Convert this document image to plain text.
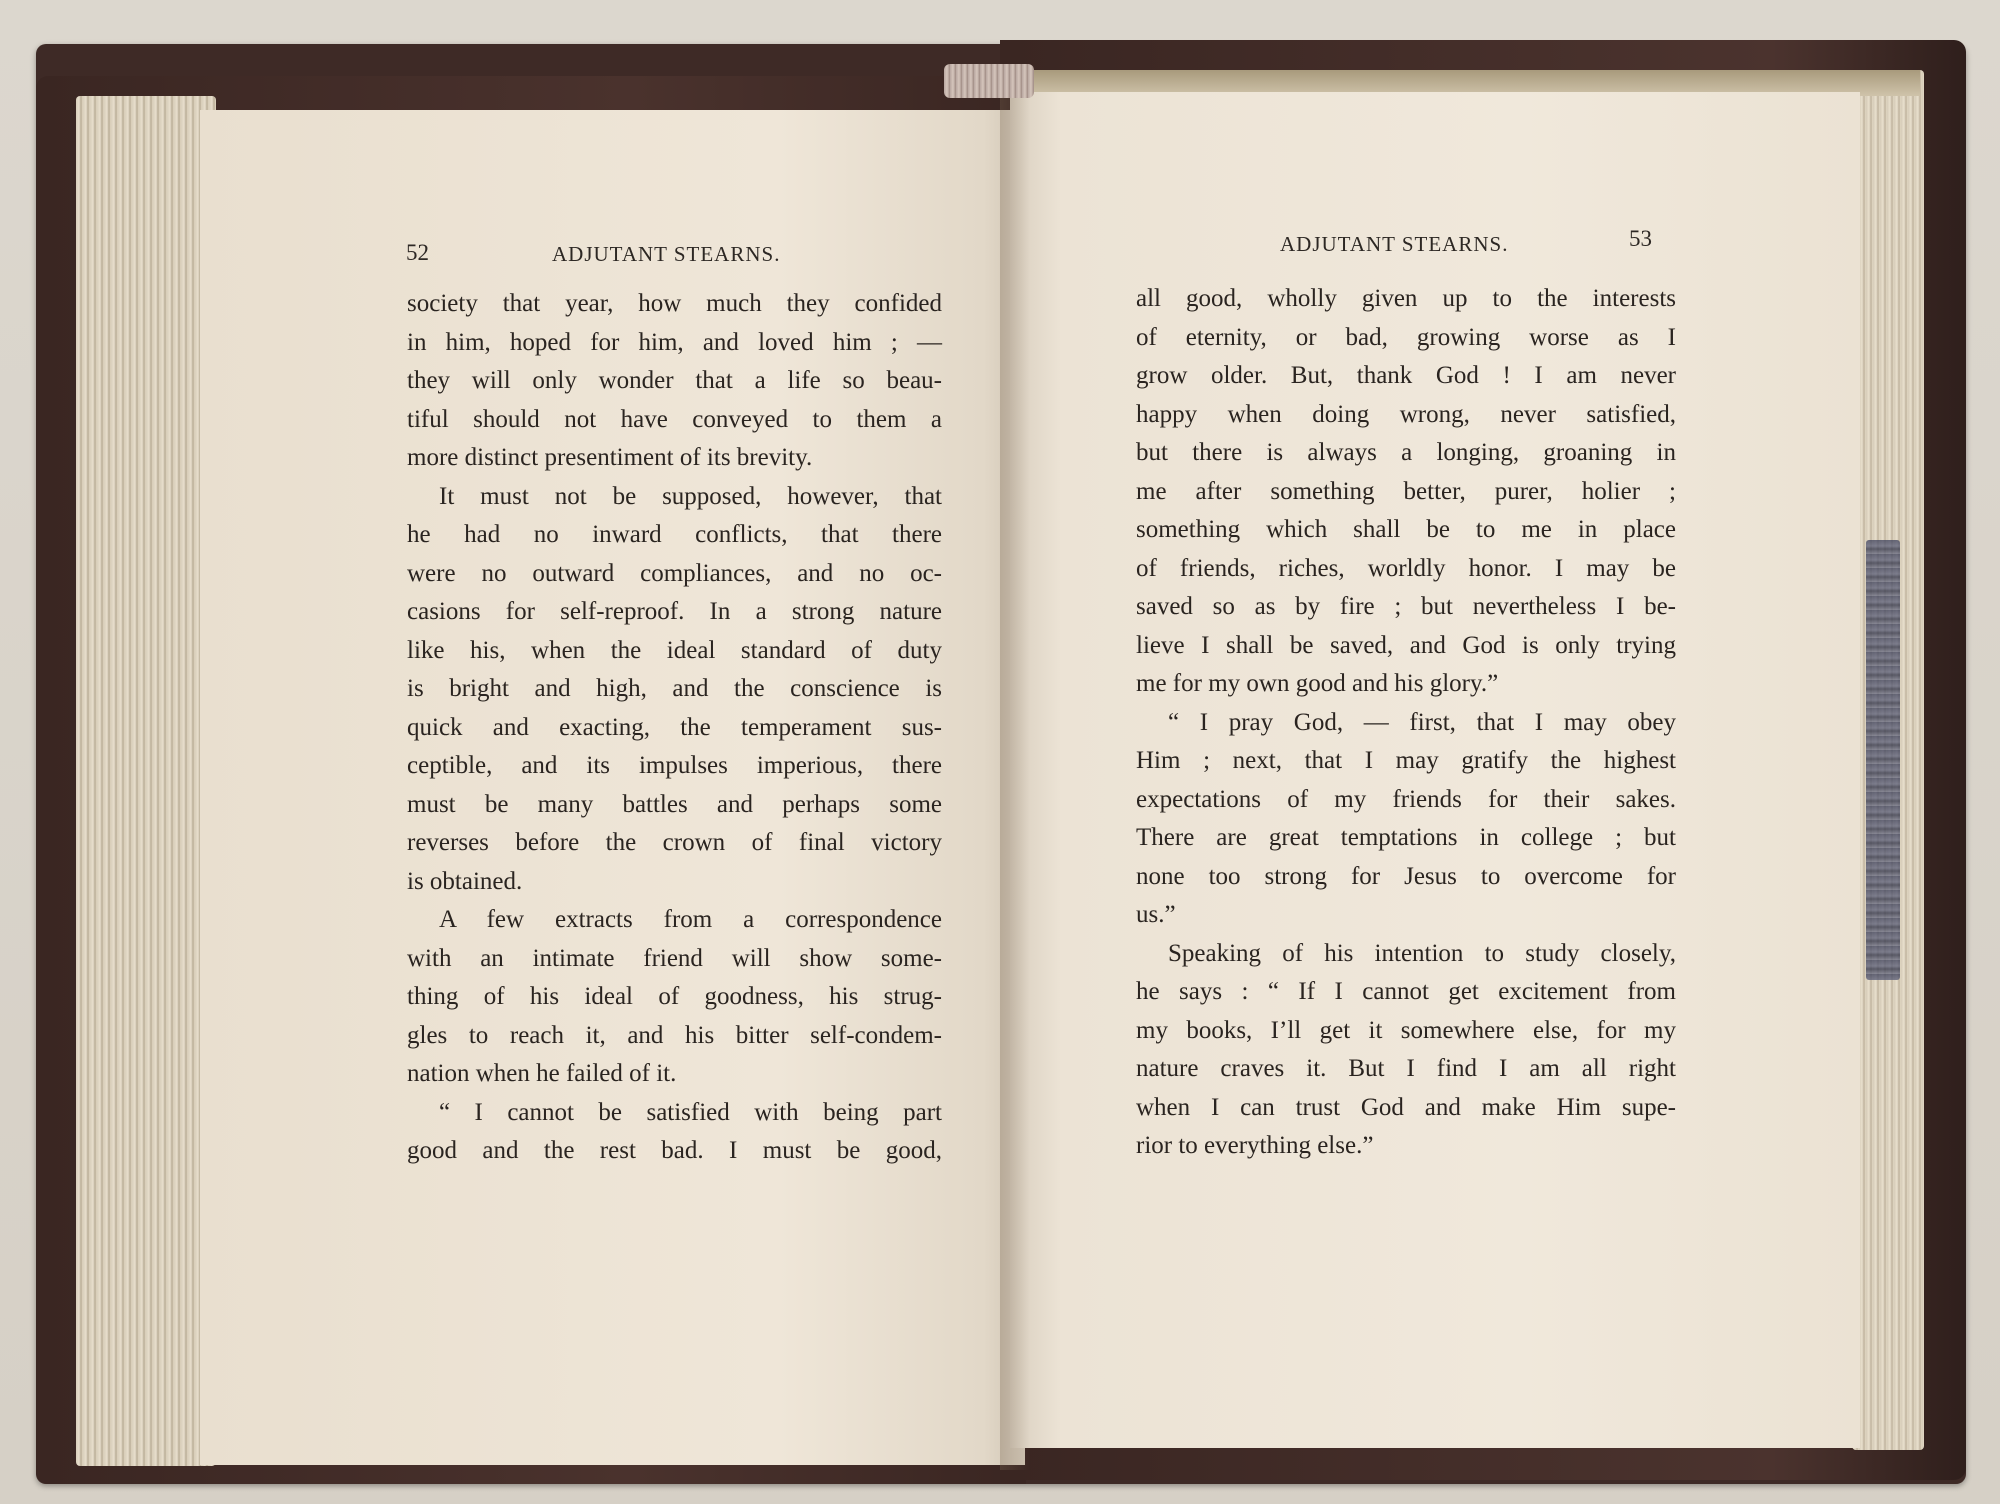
52	ADJUTANT STEARNS.	ADJUTANT STEARNS.	53
society that year, how much they confided
in him, hoped for him, and loved him ; —
they will only wonder that a life so beau-
tiful should not have conveyed to them a
more distinct presentiment of its brevity.
It must not be supposed, however, that
he had no inward conflicts, that there
were no outward compliances, and no oc-
casions for self-reproof. In a strong nature
like his, when the ideal standard of duty
is bright and high, and the conscience is
quick and exacting, the temperament sus-
ceptible, and its impulses imperious, there
must be many battles and perhaps some
reverses before the crown of final victory
is obtained.
A few extracts from a correspondence
with an intimate friend will show some-
thing of his ideal of goodness, his strug-
gles to reach it, and his bitter self-condem-
nation when he failed of it.
“ I cannot be satisfied with being part
good and the rest bad. I must be good,
all good, wholly given up to the interests
of eternity, or bad, growing worse as I
grow older. But, thank God ! I am never
happy when doing wrong, never satisfied,
but there is always a longing, groaning in
me after something better, purer, holier ;
something which shall be to me in place
of friends, riches, worldly honor. I may be
saved so as by fire ; but nevertheless I be-
lieve I shall be saved, and God is only trying
me for my own good and his glory.”
“ I pray God, — first, that I may obey
Him ; next, that I may gratify the highest
expectations of my friends for their sakes.
There are great temptations in college ; but
none too strong for Jesus to overcome for
us.”
Speaking of his intention to study closely,
he says : “ If I cannot get excitement from
my books, I’ll get it somewhere else, for my
nature craves it. But I find I am all right
when I can trust God and make Him supe-
rior to everything else.”
